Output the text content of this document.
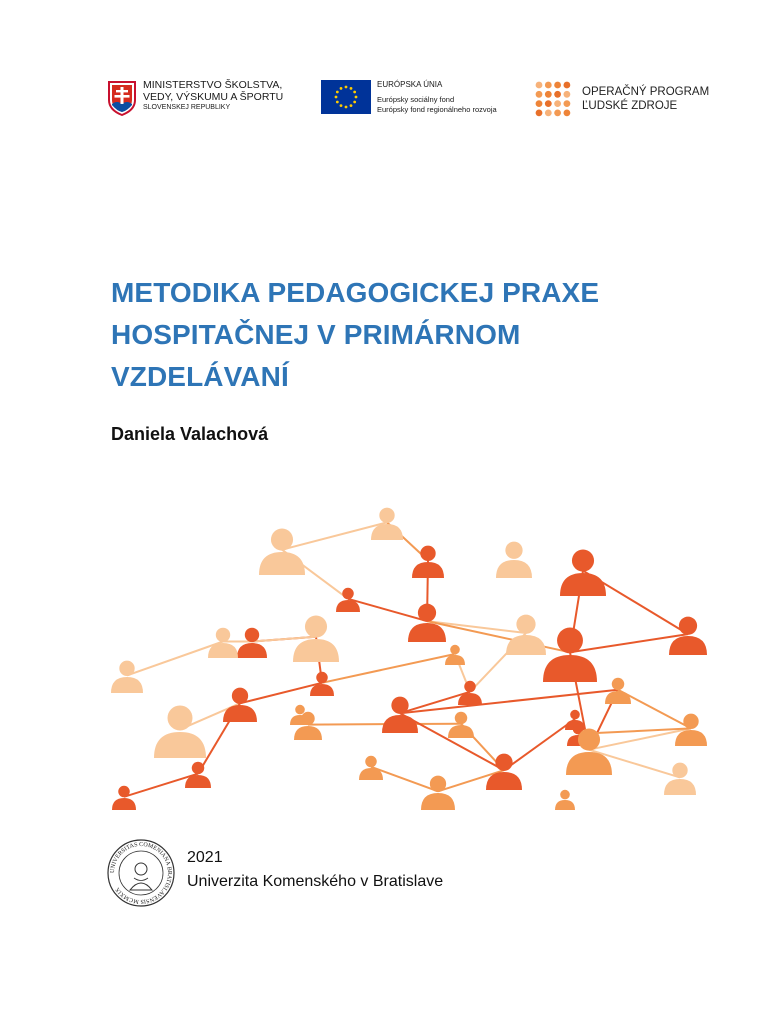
MINISTERSTVO ŠKOLSTVA,
VEDY, VÝSKUMU A ŠPORTU
SLOVENSKEJ REPUBLIKY
EURÓPSKA ÚNIA
Európsky sociálny fond
Európsky fond regionálneho rozvoja
OPERAČNÝ PROGRAM
ĽUDSKÉ ZDROJE
METODIKA PEDAGOGICKEJ PRAXE
HOSPITAČNEJ V PRIMÁRNOM
VZDELÁVANÍ
Daniela Valachová
UNIVERSITAS COMENIANA BRATISLAVENSIS MCMXIX
2021
Univerzita Komenského v Bratislave
